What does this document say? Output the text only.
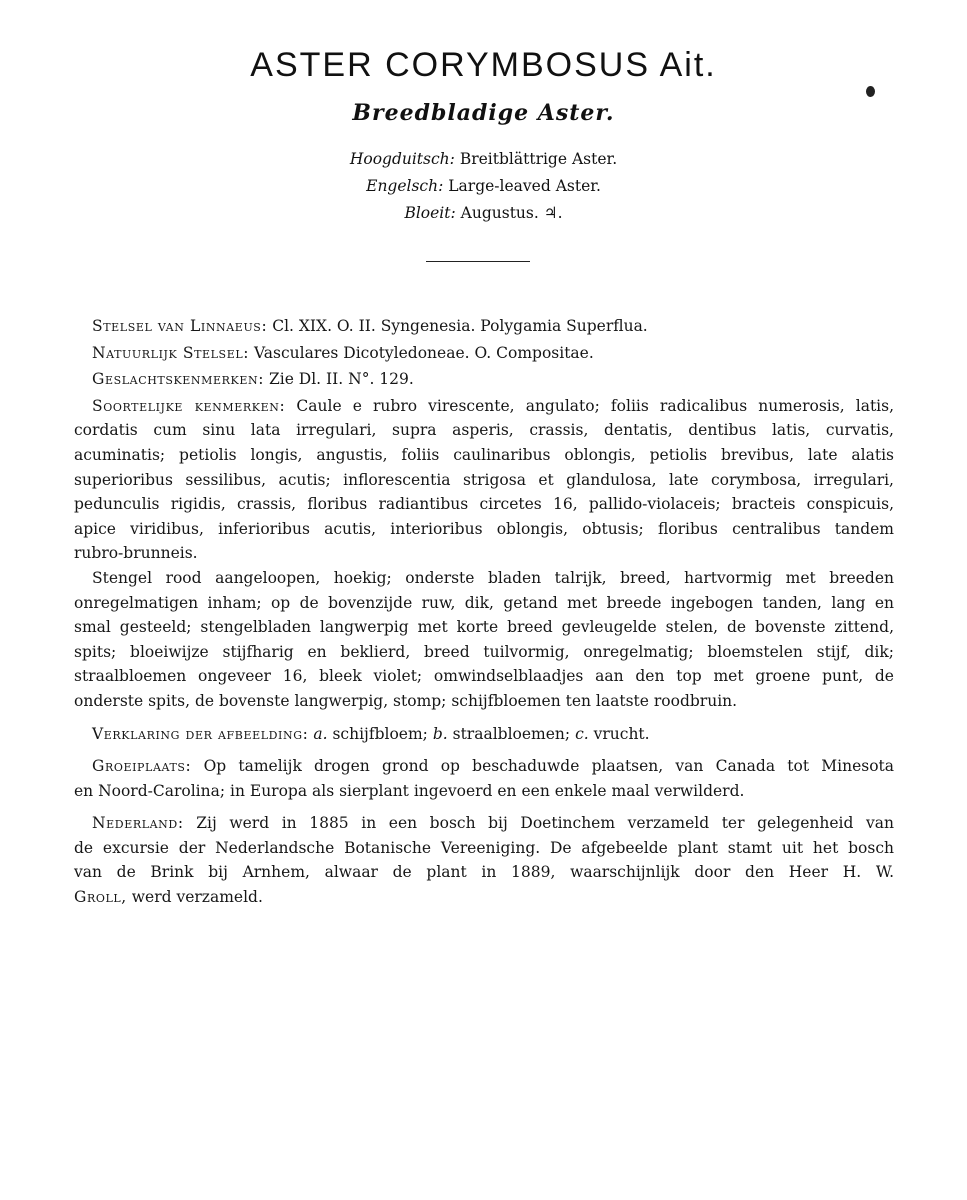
ASTER CORYMBOSUS Ait.
Breedbladige Aster.
Hoogduitsch: Breitblättrige Aster.
Engelsch: Large-leaved Aster.
Bloeit: Augustus. ♃.
Stelsel van Linnaeus: Cl. XIX. O. II. Syngenesia. Polygamia Superflua.
Natuurlijk Stelsel: Vasculares Dicotyledoneae. O. Compositae.
Geslachtskenmerken: Zie Dl. II. N°. 129.
Soortelijke kenmerken: Caule e rubro virescente, angulato; foliis radicalibus numerosis, latis,
cordatis cum sinu lata irregulari, supra asperis, crassis, dentatis, dentibus latis, curvatis,
acuminatis; petiolis longis, angustis, foliis caulinaribus oblongis, petiolis brevibus, late alatis
superioribus sessilibus, acutis; inflorescentia strigosa et glandulosa, late corymbosa, irregulari,
pedunculis rigidis, crassis, floribus radiantibus circetes 16, pallido-violaceis; bracteis conspicuis,
apice viridibus, inferioribus acutis, interioribus oblongis, obtusis; floribus centralibus tandem
rubro-brunneis.
Stengel rood aangeloopen, hoekig; onderste bladen talrijk, breed, hartvormig met breeden
onregelmatigen inham; op de bovenzijde ruw, dik, getand met breede ingebogen tanden, lang en
smal gesteeld; stengelbladen langwerpig met korte breed gevleugelde stelen, de bovenste zittend,
spits; bloeiwijze stijfharig en beklierd, breed tuilvormig, onregelmatig; bloemstelen stijf, dik;
straalbloemen ongeveer 16, bleek violet; omwindselblaadjes aan den top met groene punt, de
onderste spits, de bovenste langwerpig, stomp; schijfbloemen ten laatste roodbruin.
Verklaring der afbeelding: a. schijfbloem; b. straalbloemen; c. vrucht.
Groeiplaats: Op tamelijk drogen grond op beschaduwde plaatsen, van Canada tot Minesota
en Noord-Carolina; in Europa als sierplant ingevoerd en een enkele maal verwilderd.
Nederland: Zij werd in 1885 in een bosch bij Doetinchem verzameld ter gelegenheid van
de excursie der Nederlandsche Botanische Vereeniging. De afgebeelde plant stamt uit het bosch
van de Brink bij Arnhem, alwaar de plant in 1889, waarschijnlijk door den Heer H. W.
Groll, werd verzameld.
